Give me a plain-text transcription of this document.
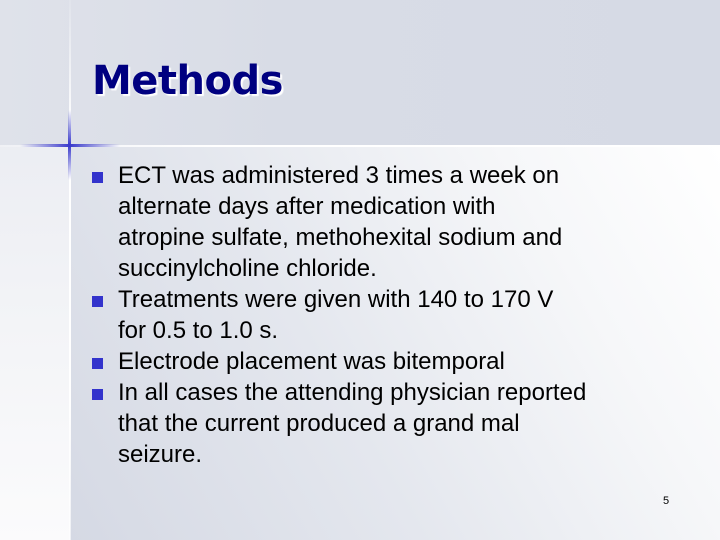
Methods
ECT was administered 3 times a week on
alternate days after medication with
atropine sulfate, methohexital sodium and
succinylcholine chloride.
Treatments were given with 140 to 170 V
for 0.5 to 1.0 s.
Electrode placement was bitemporal
In all cases the attending physician reported
that the current produced a grand mal
seizure.
5
